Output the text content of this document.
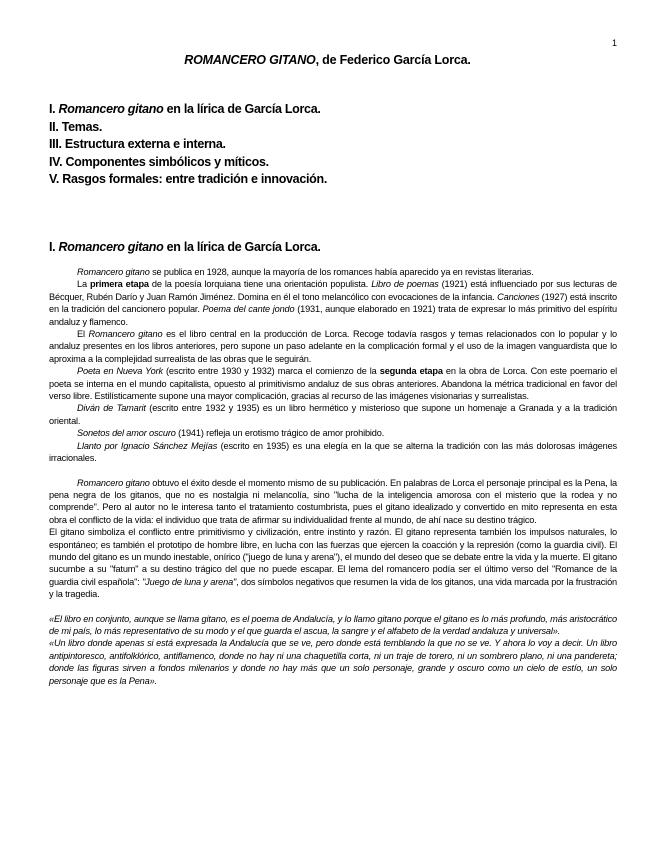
1
ROMANCERO GITANO, de Federico García Lorca.
I. Romancero gitano en la lírica de García Lorca.
II. Temas.
III. Estructura externa e interna.
IV. Componentes simbólicos y míticos.
V. Rasgos formales: entre tradición e innovación.
I. Romancero gitano en la lírica de García Lorca.

Romancero gitano se publica en 1928, aunque la mayoría de los romances había aparecido ya en revistas literarias.

La primera etapa de la poesía lorquiana tiene una orientación populista. Libro de poemas (1921) está influenciado por sus lecturas de Bécquer, Rubén Darío y Juan Ramón Jiménez. Domina en él el tono melancólico con evocaciones de la infancia. Canciones (1927) está inscrito en la tradición del cancionero popular. Poema del cante jondo (1931, aunque elaborado en 1921) trata de expresar lo más primitivo del espíritu andaluz y flamenco.

El Romancero gitano es el libro central en la producción de Lorca. Recoge todavía rasgos y temas relacionados con lo popular y lo andaluz presentes en los libros anteriores, pero supone un paso adelante en la complicación formal y el uso de la imagen vanguardista que lo aproxima a la complejidad surrealista de las obras que le seguirán.

Poeta en Nueva York (escrito entre 1930 y 1932) marca el comienzo de la segunda etapa en la obra de Lorca. Con este poemario el poeta se interna en el mundo capitalista, opuesto al primitivismo andaluz de sus obras anteriores. Abandona la métrica tradicional en favor del verso libre. Estilísticamente supone una mayor complicación, gracias al recurso de las imágenes visionarias y surrealistas.

Diván de Tamarit (escrito entre 1932 y 1935) es un libro hermético y misterioso que supone un homenaje a Granada y a la tradición oriental.

Sonetos del amor oscuro (1941) refleja un erotismo trágico de amor prohibido.

Llanto por Ignacio Sánchez Mejías (escrito en 1935) es una elegía en la que se alterna la tradición con las más dolorosas imágenes irracionales.

Romancero gitano obtuvo el éxito desde el momento mismo de su publicación. En palabras de Lorca el personaje principal es la Pena, la pena negra de los gitanos, que no es nostalgia ni melancolía, sino "lucha de la inteligencia amorosa con el misterio que la rodea y no comprende". Pero al autor no le interesa tanto el tratamiento costumbrista, pues el gitano idealizado y convertido en mito representa en esta obra el conflicto de la vida: el individuo que trata de afirmar su individualidad frente al mundo, de ahí nace su destino trágico.

El gitano simboliza el conflicto entre primitivismo y civilización, entre instinto y razón. El gitano representa también los impulsos naturales, lo espontáneo; es también el prototipo de hombre libre, en lucha con las fuerzas que ejercen la coacción y la represión (como la guardia civil). El mundo del gitano es un mundo inestable, onírico ("juego de luna y arena"), el mundo del deseo que se debate entre la vida y la muerte. El gitano sucumbe a su "fatum" a su destino trágico del que no puede escapar. El lema del romancero podía ser el último verso del "Romance de la guardia civil española": "Juego de luna y arena", dos símbolos negativos que resumen la vida de los gitanos, una vida marcada por la frustración y la tragedia.

«El libro en conjunto, aunque se llama gitano, es el poema de Andalucía, y lo llamo gitano porque el gitano es lo más profundo, más aristocrático de mi país, lo más representativo de su modo y el que guarda el ascua, la sangre y el alfabeto de la verdad andaluza y universal».

«Un libro donde apenas si está expresada la Andalucía que se ve, pero donde está temblando la que no se ve. Y ahora lo voy a decir. Un libro antipintoresco, antifolklórico, antiflamenco, donde no hay ni una chaquetilla corta, ni un traje de torero, ni un sombrero plano, ni una pandereta; donde las figuras sirven a fondos milenarios y donde no hay más que un solo personaje, grande y oscuro como un cielo de estío, un solo personaje que es la Pena».
